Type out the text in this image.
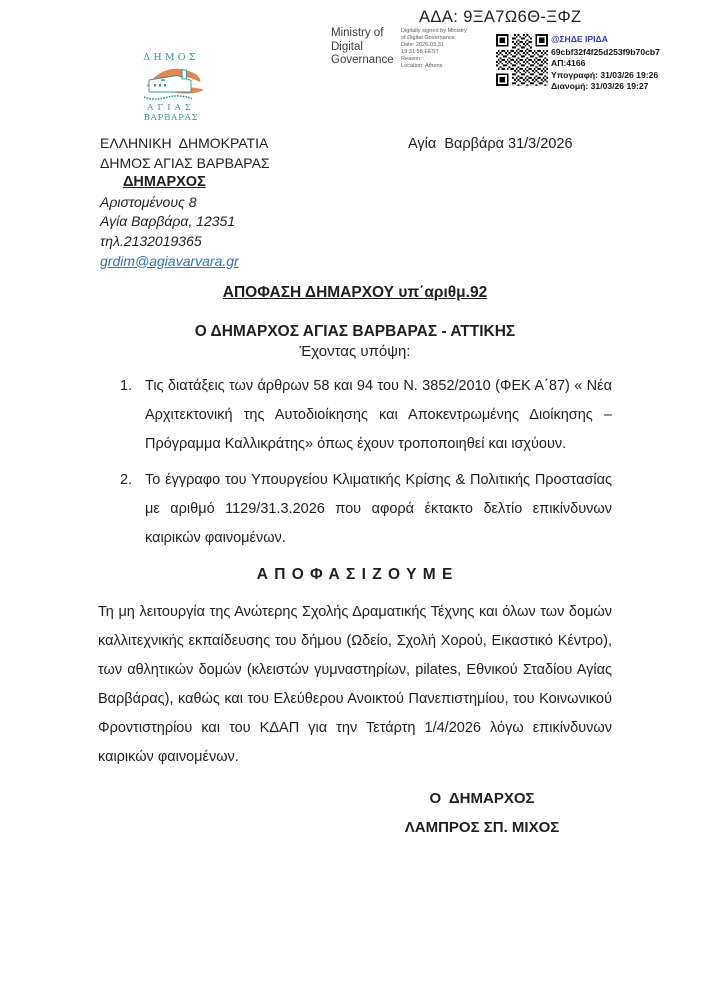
ΑΔΑ: 9ΞΑ7Ω6Θ-ΞΦΖ
Ministry of
Digital
Governance
Digitally signed by Ministry
of Digital Governance
Date: 2026.03.31
19:31:58 EEST
Reason:
Location: Athens
@ΣΗΔΕ ΙΡΙΔΑ
69cbf32f4f25d253f9b70cb7
ΑΠ:4166
Υπογραφή: 31/03/26 19:26
Διανομή: 31/03/26 19:27
ΔΗΜΟΣ
ΑΓΙΑΣ
ΒΑΡΒΑΡΑΣ
ΕΛΛΗΝΙΚΗ  ΔΗΜΟΚΡΑΤΙΑ
ΔΗΜΟΣ ΑΓΙΑΣ ΒΑΡΒΑΡΑΣ
ΔΗΜΑΡΧΟΣ
Αριστομένους 8
Αγία Βαρβάρα, 12351
τηλ.2132019365
grdim@agiavarvara.gr
Αγία  Βαρβάρα 31/3/2026
ΑΠΟΦΑΣΗ ΔΗΜΑΡΧΟΥ υπ΄αριθμ.92
Ο ΔΗΜΑΡΧΟΣ ΑΓΙΑΣ ΒΑΡΒΑΡΑΣ - ΑΤΤΙΚΗΣ
Έχοντας υπόψη:
1. Τις διατάξεις των άρθρων 58 και 94 του Ν. 3852/2010 (ΦΕΚ Α΄87) « Νέα Αρχιτεκτονική της Αυτοδιοίκησης και Αποκεντρωμένης Διοίκησης – Πρόγραμμα Καλλικράτης» όπως έχουν τροποποιηθεί και ισχύουν.
2. Το έγγραφο του Υπουργείου Κλιματικής Κρίσης & Πολιτικής Προστασίας με αριθμό 1129/31.3.2026 που αφορά έκτακτο δελτίο επικίνδυνων καιρικών φαινομένων.
Α Π Ο Φ Α Σ Ι Ζ Ο Υ Μ Ε
Τη μη λειτουργία της Ανώτερης Σχολής Δραματικής Τέχνης και όλων των δομών καλλιτεχνικής εκπαίδευσης του δήμου (Ωδείο, Σχολή Χορού, Εικαστικό Κέντρο), των αθλητικών δομών (κλειστών γυμναστηρίων, pilates, Εθνικού Σταδίου Αγίας Βαρβάρας), καθώς και του Ελεύθερου Ανοικτού Πανεπιστημίου, του Κοινωνικού Φροντιστηρίου και του ΚΔΑΠ για την Τετάρτη 1/4/2026 λόγω επικίνδυνων καιρικών φαινομένων.
Ο  ΔΗΜΑΡΧΟΣ
ΛΑΜΠΡΟΣ ΣΠ. ΜΙΧΟΣ
